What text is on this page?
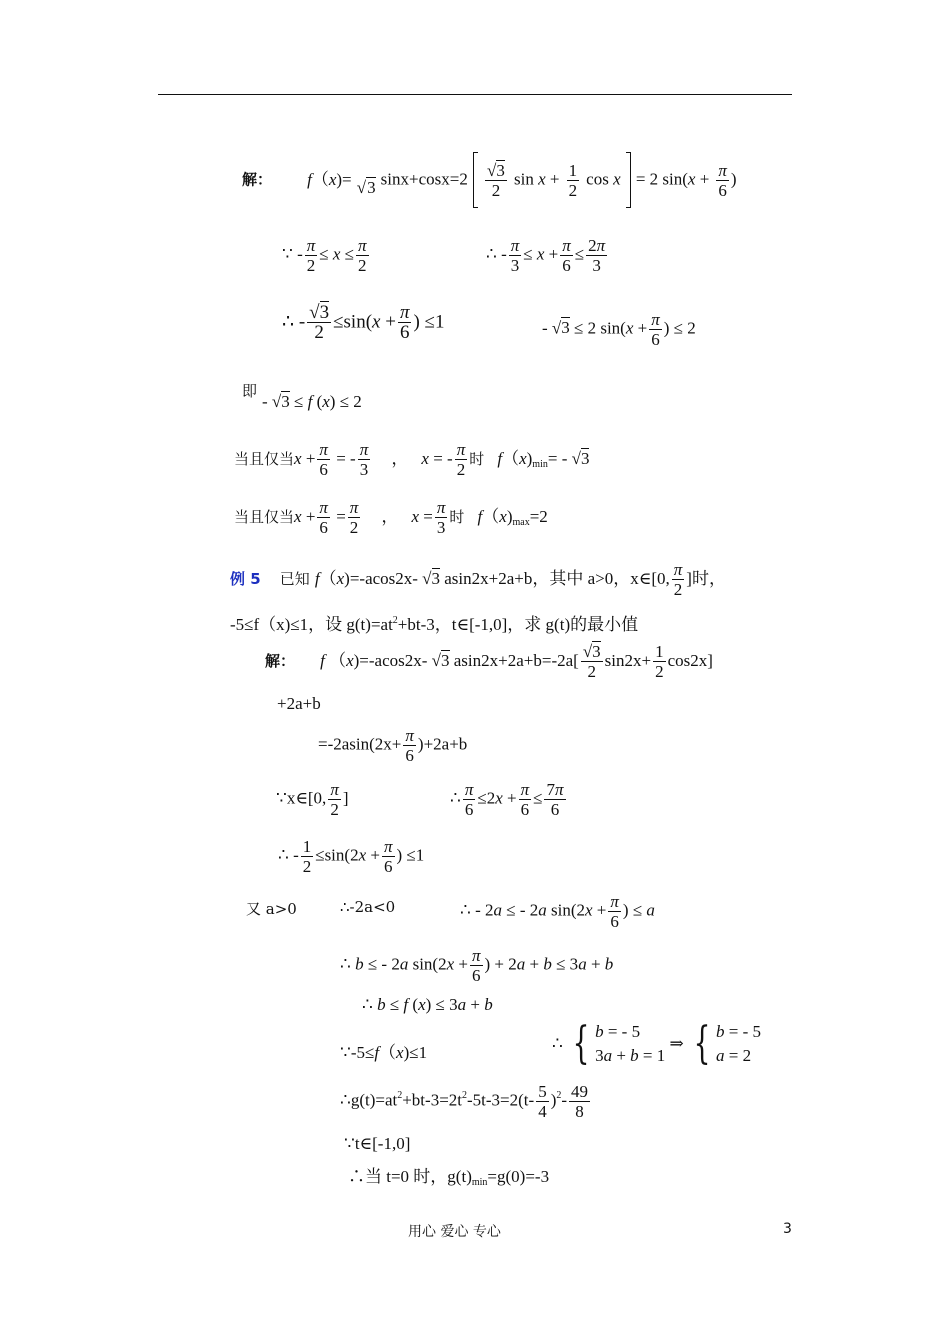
解： f（x)= √3 $\sin x+\cos x=2 \frac{√3}{2}$ $\sin x + \frac{1}{2}$ cos x  = 2 $\sin(x + \frac{\pi}{6}$ )
∵ - $\frac{\pi}{2} \le x \le \frac{\pi}{2}$	∴ - $\frac{\pi}{3} \le x + \frac{\pi}{6} \le \frac{2\pi}{3}$
∴ - $\frac{√3}{2} \le\sin(x + \frac{\pi}{6}$ ) ≤1	- √3 ≤ 2 $\sin(x + \frac{\pi}{6}$ ) ≤ 2
即
- √3 ≤ f (x) ≤ 2
当且仅当$x + \frac{\pi}{6}$ = - $\frac{\pi}{3}$ ， x = - $\frac{\pi}{2}$ 时 f（x)min= - √3
当且仅当$x + \frac{\pi}{6} = \frac{\pi}{2}$ ， $x = \frac{\pi}{3}$ 时 f（x)max=2
例 5 已知 f（x)=-acos2x- √3 asin2x+2a+b，其中 a>0，x∈[0, $\frac{\pi}{2}$ ]时，
-5≤f（x)≤1，设 $g(t)=at^2+bt-3$，t∈[-1,0]，求 g(t)的最小值
解： f （x)=-acos2x- √3 $asin2x+2a+b=-2a[ \frac{√3}{2} \sin 2x+ \frac{1}{2} \cos 2x]$
+2a+b
$=-2asin(2x+ \frac{\pi}{6} )+2a+b$
∵x∈[0, $\frac{\pi}{2}$ ]	∴ $\frac{\pi}{6} \le 2x + \frac{\pi}{6} \le \frac{7\pi}{6}$
∴ - $\frac{1}{2} \le\sin(2x + \frac{\pi}{6}$ ) ≤1
又 a>0	∴-2a<0	∴ - 2a ≤ - 2a $\sin(2x + \frac{\pi}{6}$ ) ≤ a
∴ b ≤ - 2a $\sin(2x + \frac{\pi}{6}$ ) + 2a + b ≤ 3a + b
∴ b ≤ f (x) ≤ 3a + b
∵-5≤f（x)≤1	∴ { b = - 5
3a + b = 1 ⇒ { b = - 5
a = 2
$\therefore g(t)=at^2+bt-3=2t^2-5t-3=2(t- \frac{5}{4} )^2- \frac{49}{8}$
∵t∈[-1,0]
∴当 t=0 时，g(t)min=g(0)=-3
用心 爱心 专心	3
